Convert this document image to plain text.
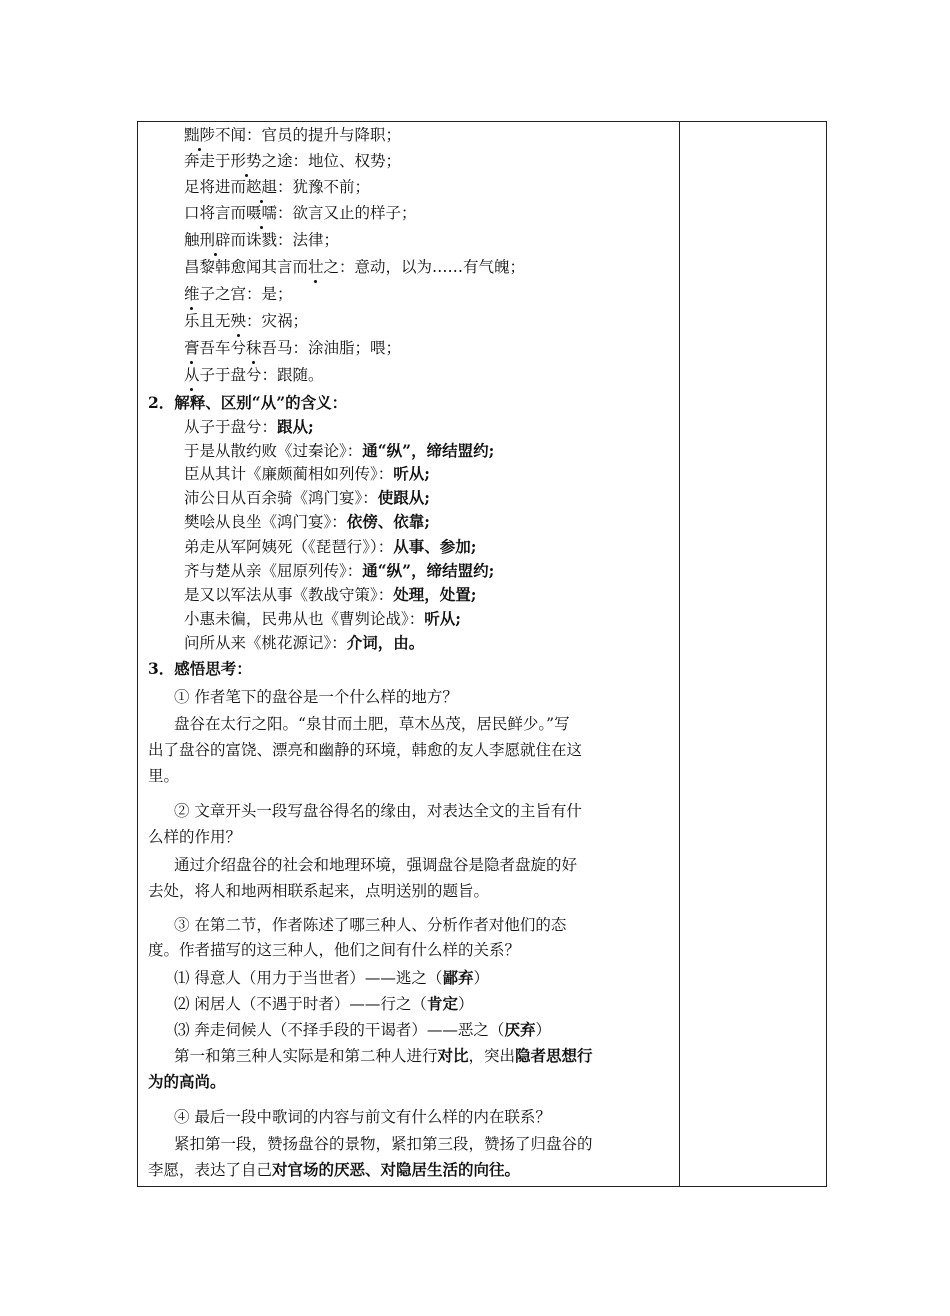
黜陟不闻：官员的提升与降职；
奔走于形势之途：地位、权势；
足将进而趑趄：犹豫不前；
口将言而嗫嚅：欲言又止的样子；
触刑辟而诛戮：法律；
昌黎韩愈闻其言而壮之：意动，以为……有气魄；
维子之宫：是；
乐且无殃：灾祸；
膏吾车兮秣吾马：涂油脂；喂；
从子于盘兮：跟随。
2．解释、区别“从”的含义：
从子于盘兮：跟从;
于是从散约败《过秦论》：通“纵”，缔结盟约;
臣从其计《廉颇蔺相如列传》：听从;
沛公日从百余骑《鸿门宴》：使跟从;
樊哙从良坐《鸿门宴》：依傍、依靠;
弟走从军阿姨死（《琵琶行》）：从事、参加;
齐与楚从亲《屈原列传》：通“纵”，缔结盟约;
是又以军法从事《教战守策》：处理，处置;
小惠未徧，民弗从也《曹刿论战》：听从;
问所从来《桃花源记》：介词，由。
3．感悟思考：
① 作者笔下的盘谷是一个什么样的地方？
盘谷在太行之阳。“泉甘而土肥，草木丛茂，居民鲜少。”写
出了盘谷的富饶、漂亮和幽静的环境，韩愈的友人李愿就住在这
里。
② 文章开头一段写盘谷得名的缘由，对表达全文的主旨有什
么样的作用？
通过介绍盘谷的社会和地理环境，强调盘谷是隐者盘旋的好
去处，将人和地两相联系起来，点明送别的题旨。
③ 在第二节，作者陈述了哪三种人、分析作者对他们的态
度。作者描写的这三种人，他们之间有什么样的关系？
⑴ 得意人（用力于当世者）——逃之（鄙弃）
⑵ 闲居人（不遇于时者）——行之（肯定）
⑶ 奔走伺候人（不择手段的干谒者）——恶之（厌弃）
第一和第三种人实际是和第二种人进行对比，突出隐者思想行
为的高尚。
④ 最后一段中歌词的内容与前文有什么样的内在联系？
紧扣第一段，赞扬盘谷的景物，紧扣第三段，赞扬了归盘谷的
李愿，表达了自己对官场的厌恶、对隐居生活的向往。
